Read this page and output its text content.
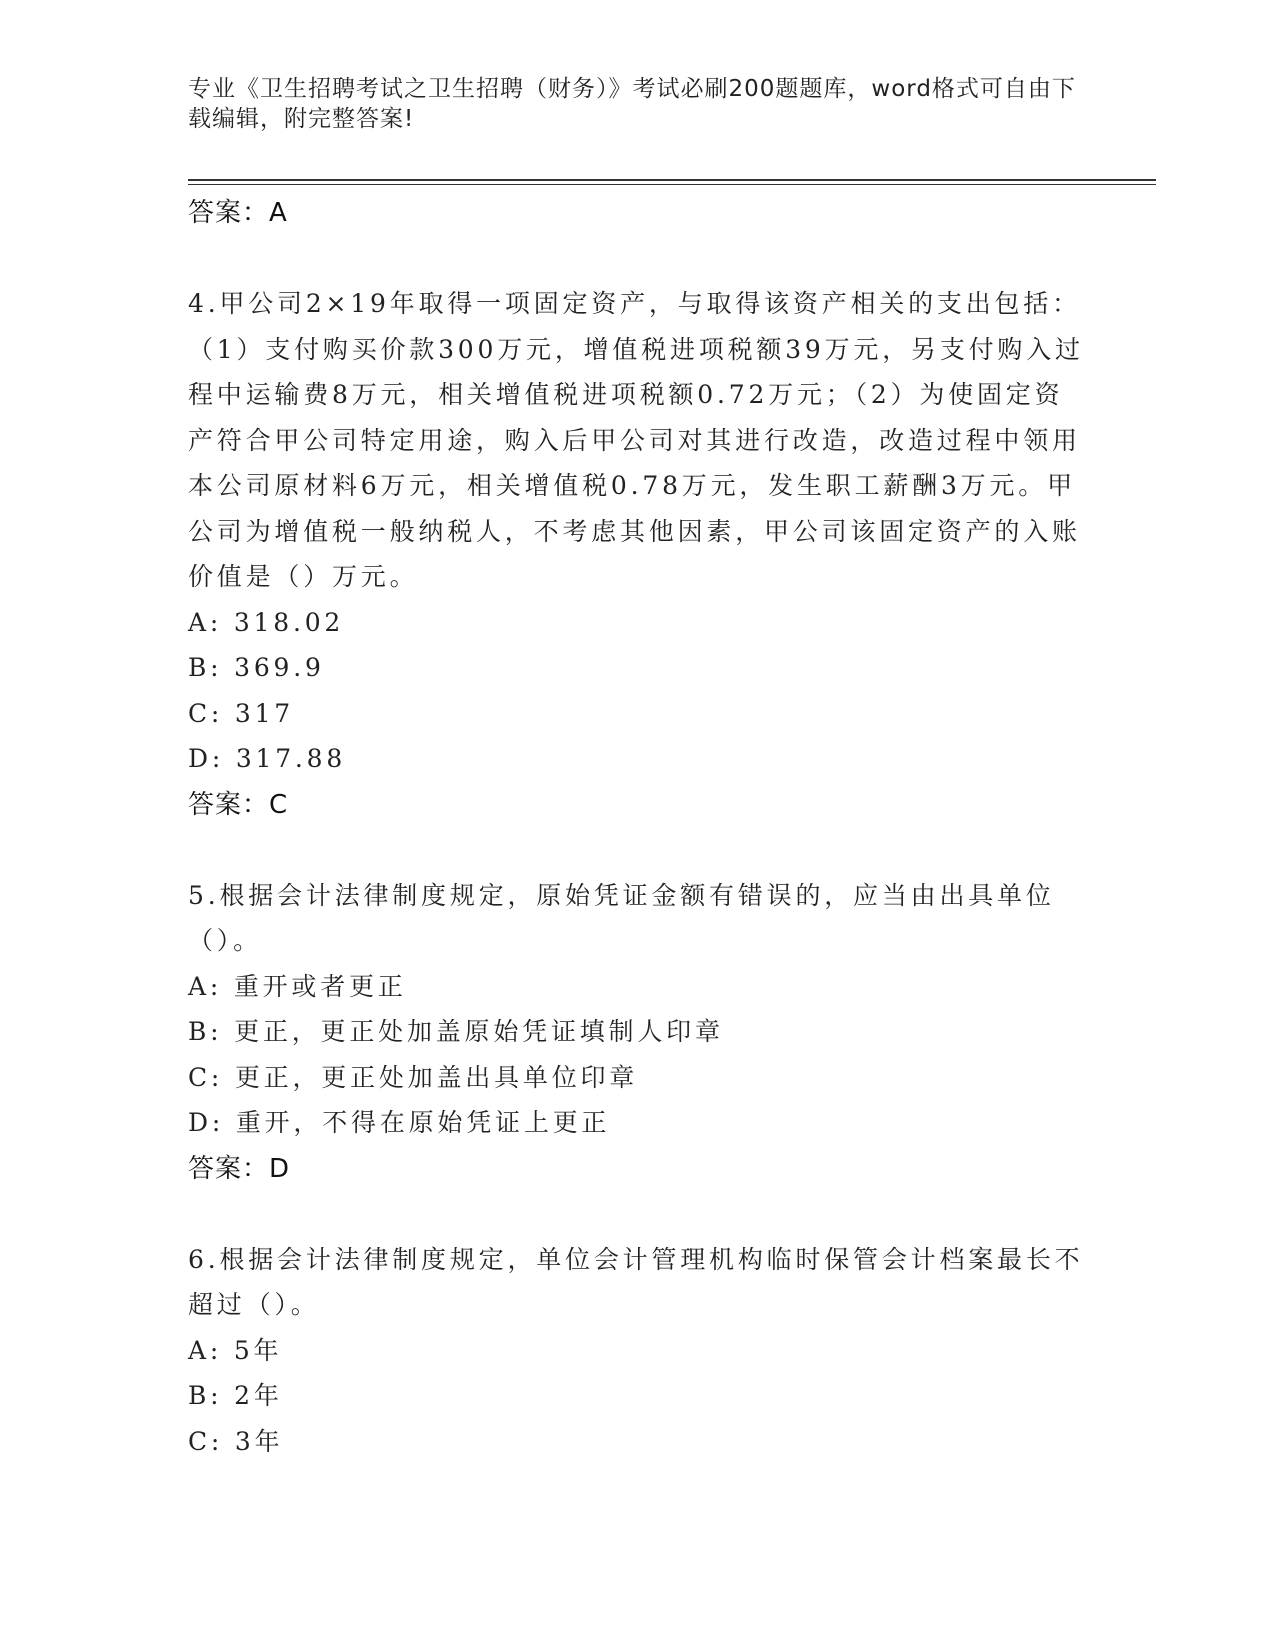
专业《卫生招聘考试之卫生招聘（财务）》考试必刷200题题库，word格式可自由下载编辑，附完整答案!
答案：A

4.甲公司2×19年取得一项固定资产，与取得该资产相关的支出包括：（1）支付购买价款300万元，增值税进项税额39万元，另支付购入过程中运输费8万元，相关增值税进项税额0.72万元；（2）为使固定资产符合甲公司特定用途，购入后甲公司对其进行改造，改造过程中领用本公司原材料6万元，相关增值税0.78万元，发生职工薪酬3万元。甲公司为增值税一般纳税人，不考虑其他因素，甲公司该固定资产的入账价值是（）万元。

A: 318.02
B: 369.9
C: 317
D: 317.88
答案：C

5.根据会计法律制度规定，原始凭证金额有错误的，应当由出具单位（）。

A: 重开或者更正
B: 更正，更正处加盖原始凭证填制人印章
C: 更正，更正处加盖出具单位印章
D: 重开，不得在原始凭证上更正
答案：D

6.根据会计法律制度规定，单位会计管理机构临时保管会计档案最长不超过（）。

A: 5年
B: 2年
C: 3年
